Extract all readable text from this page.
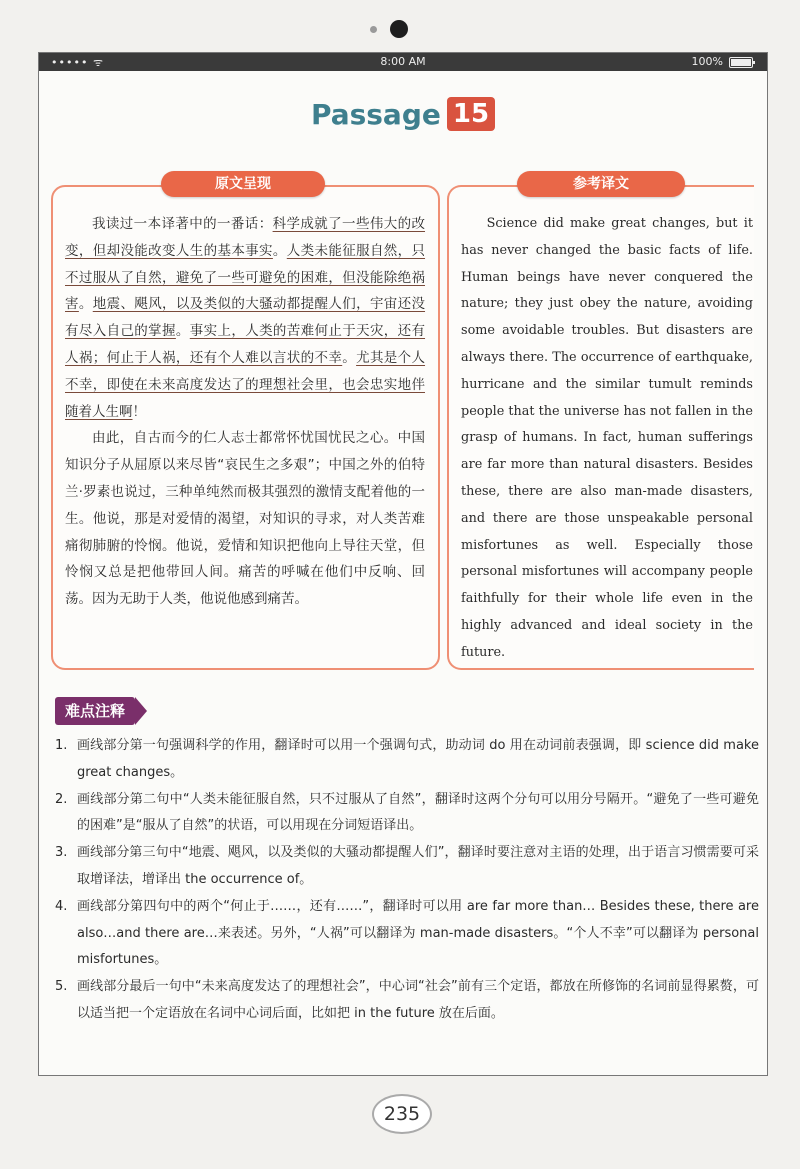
••••• ᯤ	8:00 AM	100%
Passage 15
原文呈现	参考译文

我读过一本译著中的一番话：科学成就了一些伟大的改变，但却没能改变人生的基本事实。人类未能征服自然，只不过服从了自然，避免了一些可避免的困难，但没能除绝祸害。地震、飓风，以及类似的大骚动都提醒人们，宇宙还没有尽入自己的掌握。事实上，人类的苦难何止于天灾，还有人祸；何止于人祸，还有个人难以言状的不幸。尤其是个人不幸，即使在未来高度发达了的理想社会里，也会忠实地伴随着人生啊！

由此，自古而今的仁人志士都常怀忧国忧民之心。中国知识分子从屈原以来尽皆“哀民生之多艰”；中国之外的伯特兰·罗素也说过，三种单纯然而极其强烈的激情支配着他的一生。他说，那是对爱情的渴望，对知识的寻求，对人类苦难痛彻肺腑的怜悯。他说，爱情和知识把他向上导往天堂，但怜悯又总是把他带回人间。痛苦的呼喊在他们中反响、回荡。因为无助于人类，他说他感到痛苦。

Science did make great changes, but it has never changed the basic facts of life. Human beings have never conquered the nature; they just obey the nature, avoiding some avoidable troubles. But disasters are always there. The occurrence of earthquake, hurricane and the similar tumult reminds people that the universe has not fallen in the grasp of humans. In fact, human sufferings are far more than natural disasters. Besides these, there are also man-made disasters, and there are those unspeakable personal misfortunes as well. Especially those personal misfortunes will accompany people faithfully for their whole life even in the highly advanced and ideal society in the future.

难点注释
1. 画线部分第一句强调科学的作用，翻译时可以用一个强调句式，助动词 do 用在动词前表强调，即 science did make great changes。
2. 画线部分第二句中“人类未能征服自然，只不过服从了自然”，翻译时这两个分句可以用分号隔开。“避免了一些可避免的困难”是“服从了自然”的状语，可以用现在分词短语译出。
3. 画线部分第三句中“地震、飓风，以及类似的大骚动都提醒人们”，翻译时要注意对主语的处理，出于语言习惯需要可采取增译法，增译出 the occurrence of。
4. 画线部分第四句中的两个“何止于……，还有……”，翻译时可以用 are far more than… Besides these, there are also…and there are…来表述。另外，“人祸”可以翻译为 man-made disasters。“个人不幸”可以翻译为 personal misfortunes。
5. 画线部分最后一句中“未来高度发达了的理想社会”，中心词“社会”前有三个定语，都放在所修饰的名词前显得累赘，可以适当把一个定语放在名词中心词后面，比如把 in the future 放在后面。
235
